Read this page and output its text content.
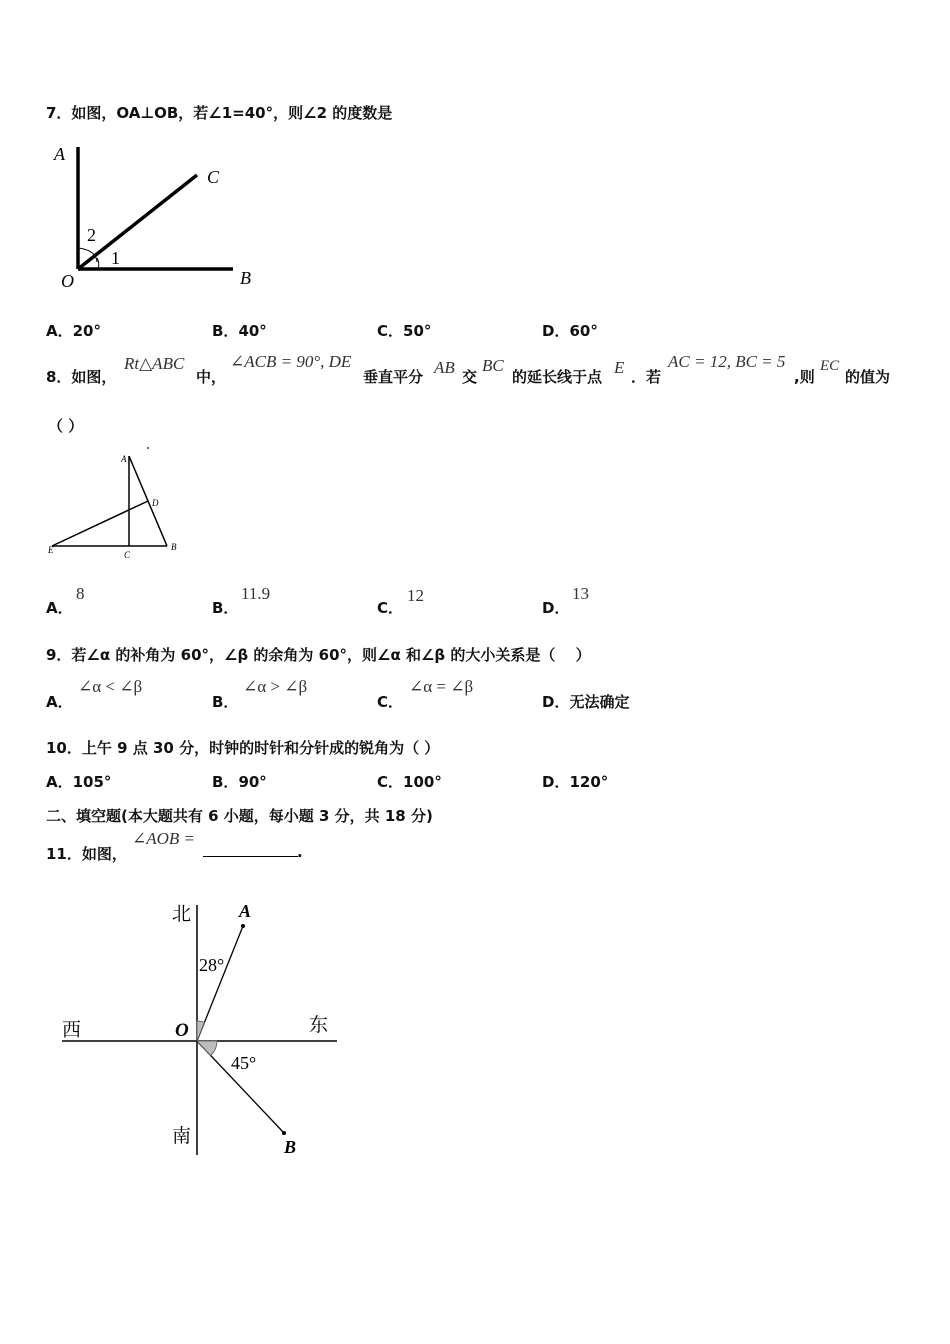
7．如图，OA⊥OB，若∠1=40°，则∠2 的度数是
A
C
B
O
2
1
A．20°	B．40°	C．50°	D．60°
8．如图，
Rt△ABC
中，
∠ACB = 90°, DE
垂直平分 AB 交
BC
的延长线于点 E ．若
AC = 12, BC = 5
,则
EC
的值为
（ ）
A
D
E	C
B
A．
8
B．
11.9
C．
12
D．
13
9．若∠α 的补角为 60°，∠β 的余角为 60°，则∠α 和∠β 的大小关系是（　 ）
A．
∠α < ∠β
B．
∠α > ∠β
C．
∠α = ∠β
D．无法确定
10．上午 9 点 30 分，时钟的时针和分针成的锐角为（ ）
A．105°	B．90°	C．100°	D．120°
二、填空题(本大题共有 6 小题，每小题 3 分，共 18 分)
11．如图，
∠AOB =
.
北
南
西	东
O
A
B
28°
45°
